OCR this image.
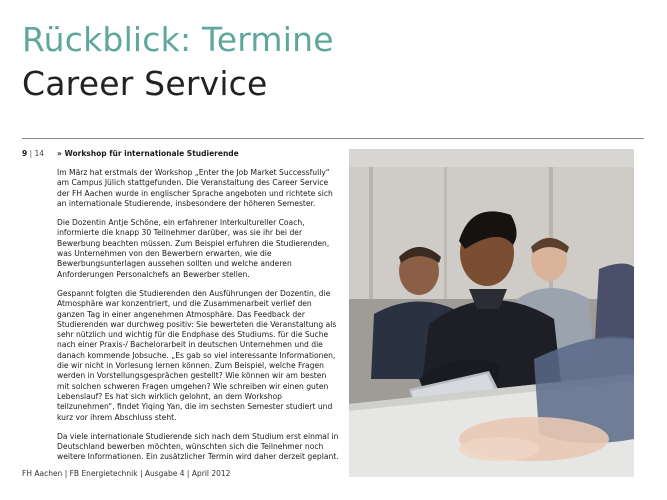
Rückblick: Termine
Career Service
9 | 14 » Workshop für internationale Studierende

Im März hat erstmals der Workshop „Enter the Job Market Successfully“ am Campus Jülich stattgefunden. Die Veranstaltung des Career Service der FH Aachen wurde in englischer Sprache angeboten und richtete sich an internationale Studierende, insbesondere der höheren Semester.

Die Dozentin Antje Schöne, ein erfahrener Interkultureller Coach, informierte die knapp 30 Teilnehmer darüber, was sie ihr bei der Bewerbung beachten müssen. Zum Beispiel erfuhren die Studierenden, was Unternehmen von den Bewerbern erwarten, wie die Bewerbungsunterlagen aussehen sollten und welche anderen Anforderungen Personalchefs an Bewerber stellen.

Gespannt folgten die Studierenden den Ausführungen der Dozentin, die Atmosphäre war konzentriert, und die Zusammenarbeit verlief den ganzen Tag in einer angenehmen Atmosphäre. Das Feedback der Studierenden war durchweg positiv: Sie bewerteten die Veranstaltung als sehr nützlich und wichtig für die Endphase des Studiums. für die Suche nach einer Praxis-/ Bachelorarbeit in deutschen Unternehmen und die danach kommende Jobsuche. „Es gab so viel interessante Informationen, die wir nicht in Vorlesung lernen können. Zum Beispiel, welche Fragen werden in Vorstellungsgesprächen gestellt? Wie können wir am besten mit solchen schweren Fragen umgehen? Wie schreiben wir einen guten Lebenslauf? Es hat sich wirklich gelohnt, an dem Workshop teilzunehmen“, findet Yiqing Yan, die im sechsten Semester studiert und kurz vor ihrem Abschluss steht.

Da viele internationale Studierende sich nach dem Studium erst einmal in Deutschland bewerben möchten, wünschten sich die Teilnehmer noch weitere Informationen. Ein zusätzlicher Termin wird daher derzeit geplant.

FH Aachen | FB Energietechnik | Ausgabe 4 | April 2012
